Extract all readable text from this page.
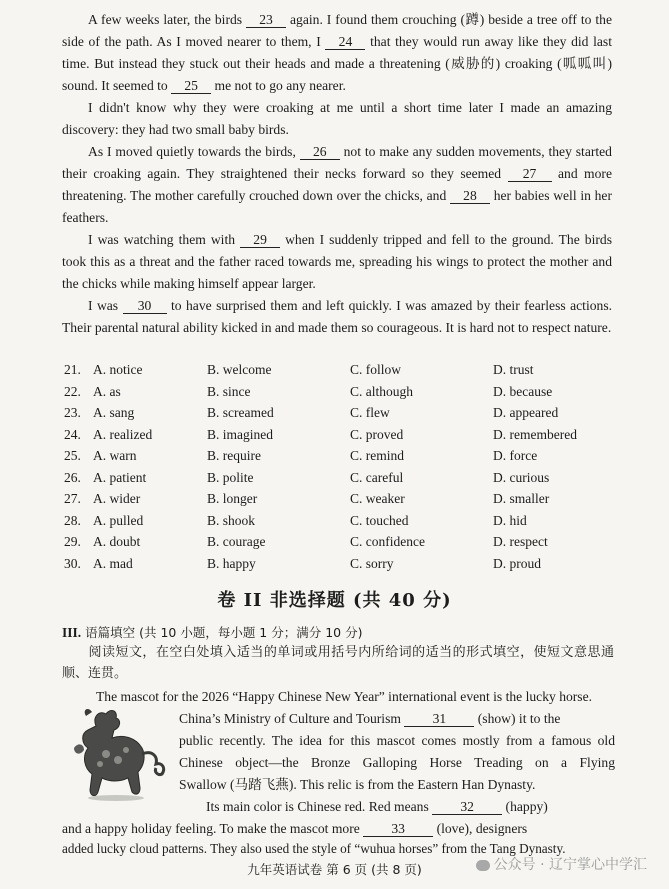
A few weeks later, the birds 23 again. I found them crouching (蹲) beside a tree off to the side of the path. As I moved nearer to them, I 24 that they would run away like they did last time. But instead they stuck out their heads and made a threatening (威胁的) croaking (呱呱叫) sound. It seemed to 25 me not to go any nearer.
I didn't know why they were croaking at me until a short time later I made an amazing discovery: they had two small baby birds.
As I moved quietly towards the birds, 26 not to make any sudden movements, they started their croaking again. They straightened their necks forward so they seemed 27 and more threatening. The mother carefully crouched down over the chicks, and 28 her babies well in her feathers.
I was watching them with 29 when I suddenly tripped and fell to the ground. The birds took this as a threat and the father raced towards me, spreading his wings to protect the mother and the chicks while making himself appear larger.
I was 30 to have surprised them and left quickly. I was amazed by their fearless actions. Their parental natural ability kicked in and made them so courageous. It is hard not to respect nature.
21. A. notice	B. welcome	C. follow	D. trust
22. A. as	B. since	C. although	D. because
23. A. sang	B. screamed	C. flew	D. appeared
24. A. realized	B. imagined	C. proved	D. remembered
25. A. warn	B. require	C. remind	D. force
26. A. patient	B. polite	C. careful	D. curious
27. A. wider	B. longer	C. weaker	D. smaller
28. A. pulled	B. shook	C. touched	D. hid
29. A. doubt	B. courage	C. confidence	D. respect
30. A. mad	B. happy	C. sorry	D. proud
卷 II 非选择题 (共 40 分)
III. 语篇填空 (共 10 小题，每小题 1 分；满分 10 分)
阅读短文，在空白处填入适当的单词或用括号内所给词的适当的形式填空，使短文意思通顺、连贯。
The mascot for the 2026 “Happy Chinese New Year” international event is the lucky horse.
China’s Ministry of Culture and Tourism 31 (show) it to the
public recently. The idea for this mascot comes mostly from a famous old
Chinese object—the Bronze Galloping Horse Treading on a Flying
Swallow (马踏飞燕). This relic is from the Eastern Han Dynasty.
Its main color is Chinese red. Red means 32 (happy)
and a happy holiday feeling. To make the mascot more 33 (love), designers
added lucky cloud patterns. They also used the style of “wuhua horses” from the Tang Dynasty.
九年英语试卷 第 6 页 (共 8 页)	公众号 · 辽宁掌心中学汇
